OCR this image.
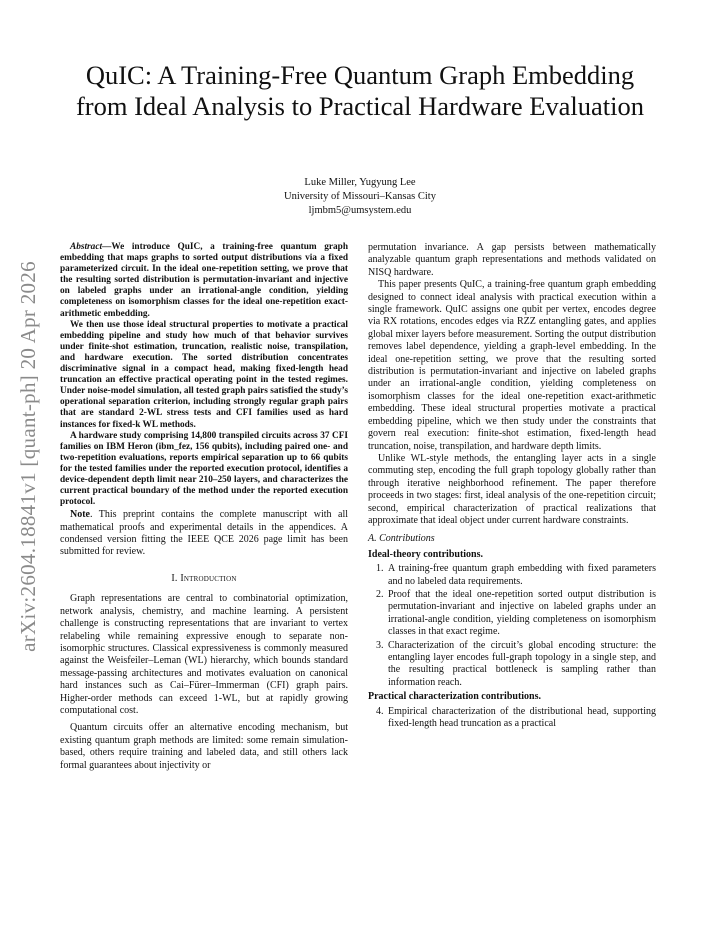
arXiv:2604.18841v1 [quant-ph] 20 Apr 2026
QuIC: A Training-Free Quantum Graph Embedding from Ideal Analysis to Practical Hardware Evaluation
Luke Miller, Yugyung Lee
University of Missouri–Kansas City
ljmbm5@umsystem.edu

Abstract—We introduce QuIC, a training-free quantum graph embedding that maps graphs to sorted output distributions via a fixed parameterized circuit. In the ideal one-repetition setting, we prove that the resulting sorted distribution is permutation-invariant and injective on labeled graphs under an irrational-angle condition, yielding completeness on isomorphism classes for the ideal one-repetition exact-arithmetic embedding.

We then use those ideal structural properties to motivate a practical embedding pipeline and study how much of that behavior survives under finite-shot estimation, truncation, realistic noise, transpilation, and hardware execution. The sorted distribution concentrates discriminative signal in a compact head, making fixed-length head truncation an effective practical operating point in the tested regimes. Under noise-model simulation, all tested graph pairs satisfied the study’s operational separation criterion, including strongly regular graph pairs that are standard 2-WL stress tests and CFI families used as hard instances for fixed-k WL methods.

A hardware study comprising 14,800 transpiled circuits across 37 CFI families on IBM Heron (ibm_fez, 156 qubits), including paired one- and two-repetition evaluations, reports empirical separation up to 66 qubits for the tested families under the reported execution protocol, identifies a device-dependent depth limit near 210–250 layers, and characterizes the current practical boundary of the method under the reported execution protocol.

Note. This preprint contains the complete manuscript with all mathematical proofs and experimental details in the appendices. A condensed version fitting the IEEE QCE 2026 page limit has been submitted for review.

I. Introduction

Graph representations are central to combinatorial optimization, network analysis, chemistry, and machine learning. A persistent challenge is constructing representations that are invariant to vertex relabeling while remaining expressive enough to separate non-isomorphic structures. Classical expressiveness is commonly measured against the Weisfeiler–Leman (WL) hierarchy, which bounds standard message-passing architectures and motivates evaluation on canonical hard instances such as Cai–Fürer–Immerman (CFI) graph pairs. Higher-order methods can exceed 1-WL, but at rapidly growing computational cost.

Quantum circuits offer an alternative encoding mechanism, but existing quantum graph methods are limited: some remain simulation-based, others require training and labeled data, and still others lack formal guarantees about injectivity or

permutation invariance. A gap persists between mathematically analyzable quantum graph representations and methods validated on NISQ hardware.

This paper presents QuIC, a training-free quantum graph embedding designed to connect ideal analysis with practical execution within a single framework. QuIC assigns one qubit per vertex, encodes degree via RX rotations, encodes edges via RZZ entangling gates, and applies global mixer layers before measurement. Sorting the output distribution removes label dependence, yielding a graph-level embedding. In the ideal one-repetition setting, we prove that the resulting sorted distribution is permutation-invariant and injective on labeled graphs under an irrational-angle condition, yielding completeness on isomorphism classes for the ideal one-repetition exact-arithmetic embedding. These ideal structural properties motivate a practical embedding pipeline, which we then study under the constraints that govern real execution: finite-shot estimation, fixed-length head truncation, noise, transpilation, and hardware depth limits.

Unlike WL-style methods, the entangling layer acts in a single commuting step, encoding the full graph topology globally rather than through iterative neighborhood refinement. The paper therefore proceeds in two stages: first, ideal analysis of the one-repetition circuit; second, empirical characterization of practical realizations that approximate that ideal object under current hardware constraints.

A. Contributions

Ideal-theory contributions.

1. A training-free quantum graph embedding with fixed parameters and no labeled data requirements.
2. Proof that the ideal one-repetition sorted output distribution is permutation-invariant and injective on labeled graphs under an irrational-angle condition, yielding completeness on isomorphism classes in that exact regime.
3. Characterization of the circuit’s global encoding structure: the entangling layer encodes full-graph topology in a single step, and the resulting practical bottleneck is sampling rather than information reach.

Practical characterization contributions.

4. Empirical characterization of the distributional head, supporting fixed-length head truncation as a practical
